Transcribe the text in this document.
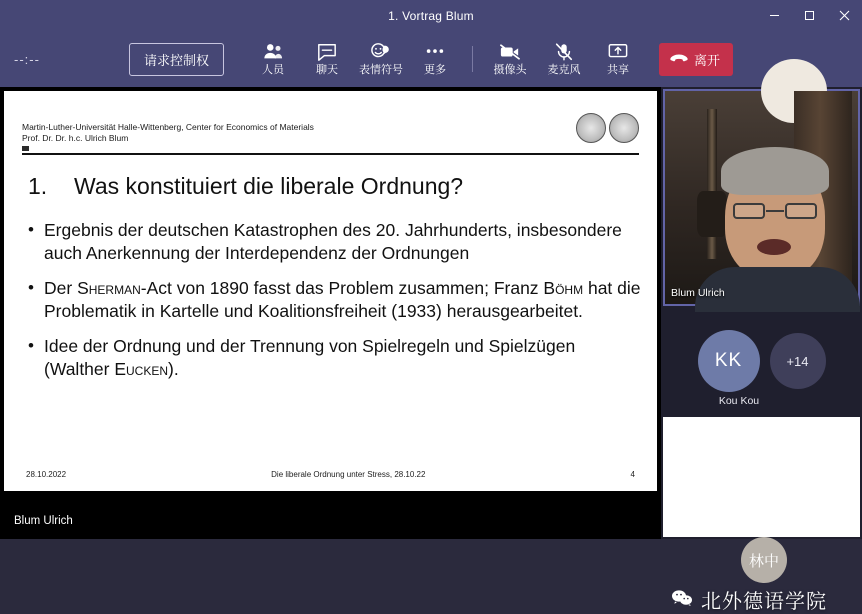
1. Vortrag Blum
--:--	请求控制权
人员	聊天 表情符号 更多	摄像头 麦克风 共享
离开
Martin-Luther-Universität Halle-Wittenberg, Center for Economics of Materials
Prof. Dr. Dr. h.c. Ulrich Blum
1. Was konstituiert die liberale Ordnung?
• Ergebnis der deutschen Katastrophen des 20. Jahrhunderts, insbesondere auch Anerkennung der Interdependenz der Ordnungen
• Der Sherman-Act von 1890 fasst das Problem zusammen; Franz Böhm hat die Problematik in Kartelle und Koalitionsfreiheit (1933) herausgearbeitet.
• Idee der Ordnung und der Trennung von Spielregeln und Spielzügen (Walther Eucken).
28.10.2022	Die liberale Ordnung unter Stress, 28.10.22	4
Blum Ulrich
Blum Ulrich
KK	+14
Kou Kou
林中
北外德语学院
